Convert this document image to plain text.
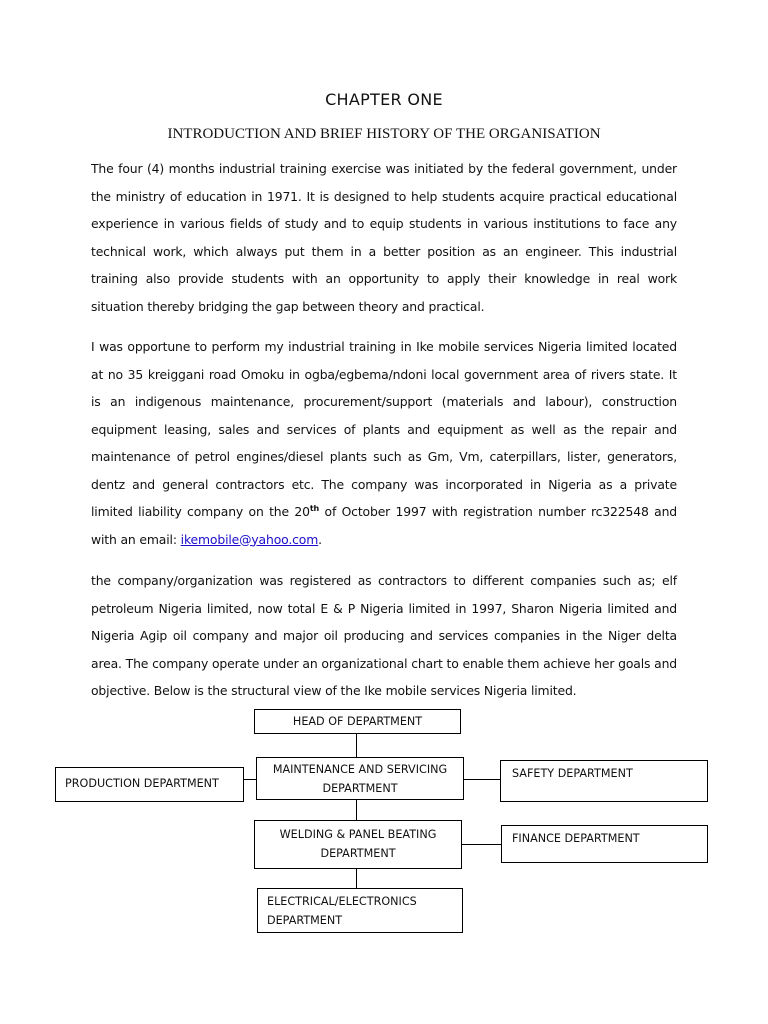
CHAPTER ONE
INTRODUCTION AND BRIEF HISTORY OF THE ORGANISATION

The four (4) months industrial training exercise was initiated by the federal government, under the ministry of education in 1971. It is designed to help students acquire practical educational experience in various fields of study and to equip students in various institutions to face any technical work, which always put them in a better position as an engineer. This industrial training also provide students with an opportunity to apply their knowledge in real work situation thereby bridging the gap between theory and practical.

I was opportune to perform my industrial training in Ike mobile services Nigeria limited located at no 35 kreiggani road Omoku in ogba/egbema/ndoni local government area of rivers state. It is an indigenous maintenance, procurement/support (materials and labour), construction equipment leasing, sales and services of plants and equipment as well as the repair and maintenance of petrol engines/diesel plants such as Gm, Vm, caterpillars, lister, generators, dentz and general contractors etc. The company was incorporated in Nigeria as a private limited liability company on the 20th of October 1997 with registration number rc322548 and with an email: ikemobile@yahoo.com.

the company/organization was registered as contractors to different companies such as; elf petroleum Nigeria limited, now total E & P Nigeria limited in 1997, Sharon Nigeria limited and Nigeria Agip oil company and major oil producing and services companies in the Niger delta area. The company operate under an organizational chart to enable them achieve her goals and objective. Below is the structural view of the Ike mobile services Nigeria limited.

HEAD OF DEPARTMENT
PRODUCTION DEPARTMENT
MAINTENANCE AND SERVICING
DEPARTMENT
SAFETY DEPARTMENT
WELDING & PANEL BEATING
DEPARTMENT
FINANCE DEPARTMENT
ELECTRICAL/ELECTRONICS
DEPARTMENT
